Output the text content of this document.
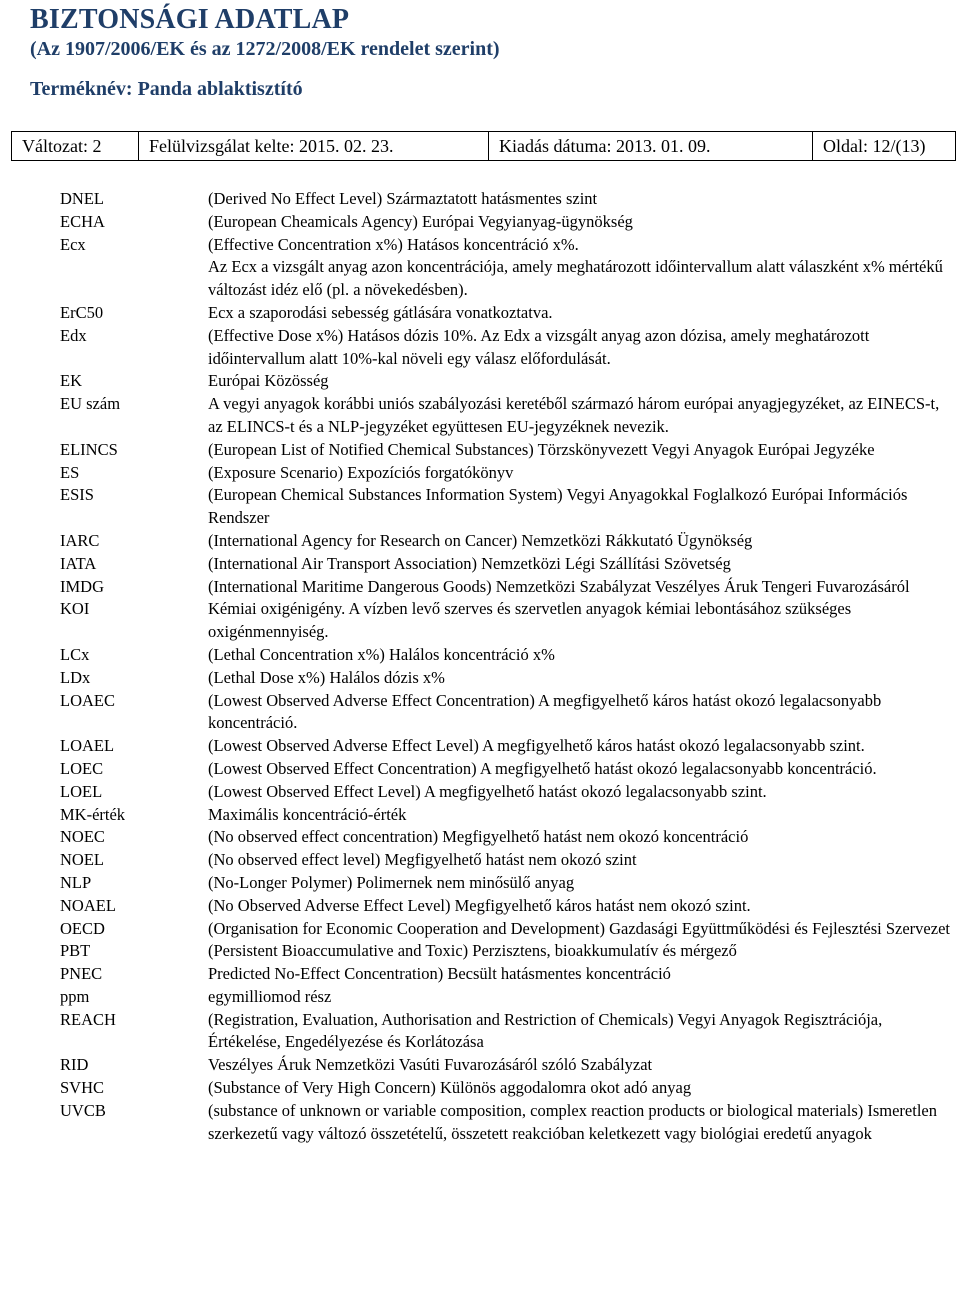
BIZTONSÁGI ADATLAP
(Az 1907/2006/EK és az 1272/2008/EK rendelet szerint)
Terméknév: Panda ablaktisztító
Változat: 2	Felülvizsgálat kelte: 2015. 02. 23.	Kiadás dátuma: 2013. 01. 09.	Oldal: 12/(13)
DNEL	(Derived No Effect Level) Származtatott hatásmentes szint
ECHA	(European Cheamicals Agency) Európai Vegyianyag-ügynökség
Ecx	(Effective Concentration x%) Hatásos koncentráció x%.
Az Ecx a vizsgált anyag azon koncentrációja, amely meghatározott időintervallum alatt válaszként x% mértékű változást idéz elő (pl. a növekedésben).
ErC50	Ecx a szaporodási sebesség gátlására vonatkoztatva.
Edx	(Effective Dose x%) Hatásos dózis 10%. Az Edx a vizsgált anyag azon dózisa, amely meghatározott időintervallum alatt 10%-kal növeli egy válasz előfordulását.
EK	Európai Közösség
EU szám	A vegyi anyagok korábbi uniós szabályozási keretéből származó három európai anyagjegyzéket, az EINECS-t, az ELINCS-t és a NLP-jegyzéket együttesen EU-jegyzéknek nevezik.
ELINCS	(European List of Notified Chemical Substances) Törzskönyvezett Vegyi Anyagok Európai Jegyzéke
ES	(Exposure Scenario) Expozíciós forgatókönyv
ESIS	(European Chemical Substances Information System) Vegyi Anyagokkal Foglalkozó Európai Információs Rendszer
IARC	(International Agency for Research on Cancer) Nemzetközi Rákkutató Ügynökség
IATA	(International Air Transport Association) Nemzetközi Légi Szállítási Szövetség
IMDG	(International Maritime Dangerous Goods) Nemzetközi Szabályzat Veszélyes Áruk Tengeri Fuvarozásáról
KOI	Kémiai oxigénigény. A vízben levő szerves és szervetlen anyagok kémiai lebontásához szükséges oxigénmennyiség.
LCx	(Lethal Concentration x%) Halálos koncentráció x%
LDx	(Lethal Dose x%) Halálos dózis x%
LOAEC	(Lowest Observed Adverse Effect Concentration) A megfigyelhető káros hatást okozó legalacsonyabb koncentráció.
LOAEL	(Lowest Observed Adverse Effect Level) A megfigyelhető káros hatást okozó legalacsonyabb szint.
LOEC	(Lowest Observed Effect Concentration) A megfigyelhető hatást okozó legalacsonyabb koncentráció.
LOEL	(Lowest Observed Effect Level) A megfigyelhető hatást okozó legalacsonyabb szint.
MK-érték	Maximális koncentráció-érték
NOEC	(No observed effect concentration) Megfigyelhető hatást nem okozó koncentráció
NOEL	(No observed effect level) Megfigyelhető hatást nem okozó szint
NLP	(No-Longer Polymer) Polimernek nem minősülő anyag
NOAEL	(No Observed Adverse Effect Level) Megfigyelhető káros hatást nem okozó szint.
OECD	(Organisation for Economic Cooperation and Development) Gazdasági Együttműködési és Fejlesztési Szervezet
PBT	(Persistent Bioaccumulative and Toxic) Perzisztens, bioakkumulatív és mérgező
PNEC	Predicted No-Effect Concentration) Becsült hatásmentes koncentráció
ppm	egymilliomod rész
REACH	(Registration, Evaluation, Authorisation and Restriction of Chemicals) Vegyi Anyagok Regisztrációja, Értékelése, Engedélyezése és Korlátozása
RID	Veszélyes Áruk Nemzetközi Vasúti Fuvarozásáról szóló Szabályzat
SVHC	(Substance of Very High Concern) Különös aggodalomra okot adó anyag
UVCB	(substance of unknown or variable composition, complex reaction products or biological materials) Ismeretlen szerkezetű vagy változó összetételű, összetett reakcióban keletkezett vagy biológiai eredetű anyagok
